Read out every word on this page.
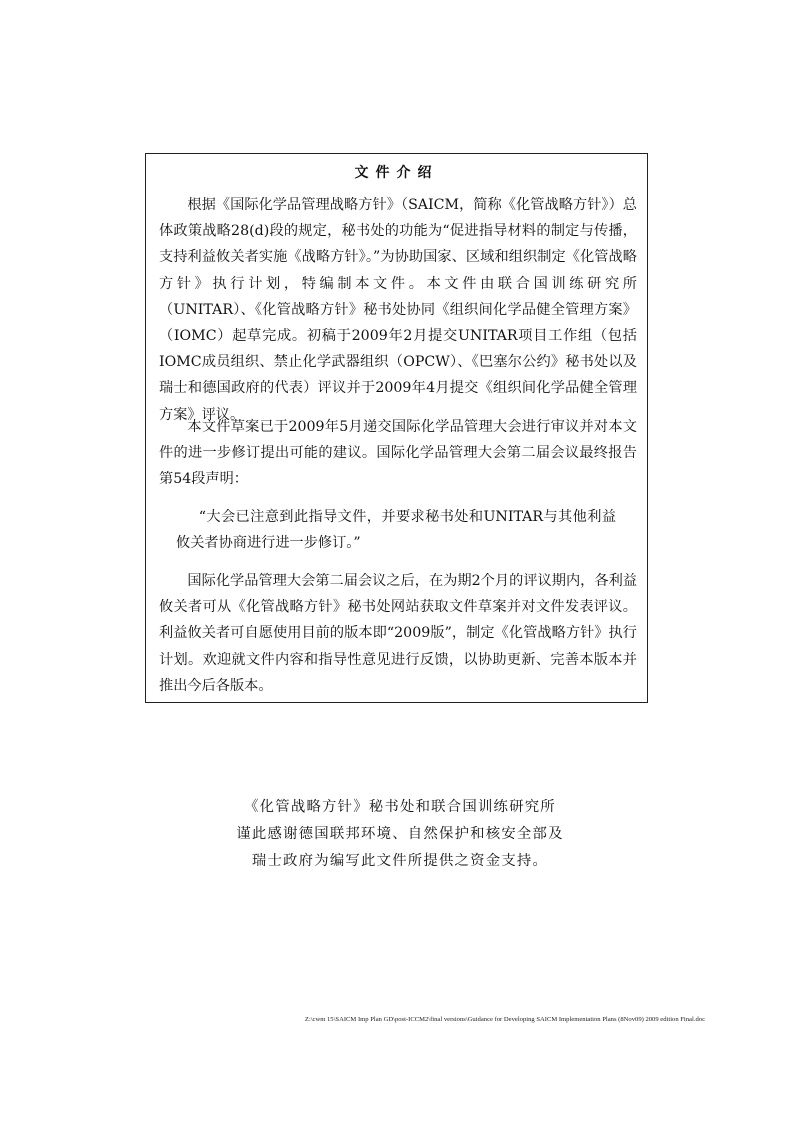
文件介绍

根据《国际化学品管理战略方针》（SAICM，简称《化管战略方针》）总体政策战略28(d)段的规定，秘书处的功能为“促进指导材料的制定与传播，支持利益攸关者实施《战略方针》。”为协助国家、区域和组织制定《化管战略方针》执行计划，特编制本文件。本文件由联合国训练研究所（UNITAR）、《化管战略方针》秘书处协同《组织间化学品健全管理方案》（IOMC）起草完成。初稿于2009年2月提交UNITAR项目工作组（包括IOMC成员组织、禁止化学武器组织（OPCW）、《巴塞尔公约》秘书处以及瑞士和德国政府的代表）评议并于2009年4月提交《组织间化学品健全管理方案》评议。

本文件草案已于2009年5月递交国际化学品管理大会进行审议并对本文件的进一步修订提出可能的建议。国际化学品管理大会第二届会议最终报告第54段声明：

“大会已注意到此指导文件，并要求秘书处和UNITAR与其他利益攸关者协商进行进一步修订。”

国际化学品管理大会第二届会议之后，在为期2个月的评议期内，各利益攸关者可从《化管战略方针》秘书处网站获取文件草案并对文件发表评议。利益攸关者可自愿使用目前的版本即“2009版”，制定《化管战略方针》执行计划。欢迎就文件内容和指导性意见进行反馈，以协助更新、完善本版本并推出今后各版本。

《化管战略方针》秘书处和联合国训练研究所
谨此感谢德国联邦环境、自然保护和核安全部及
瑞士政府为编写此文件所提供之资金支持。
Z:\cwm 15\SAICM Imp Plan GD\post-ICCM2\final versions\Guidance for Developing SAICM Implementation Plans (8Nov09) 2009 edition Final.doc
